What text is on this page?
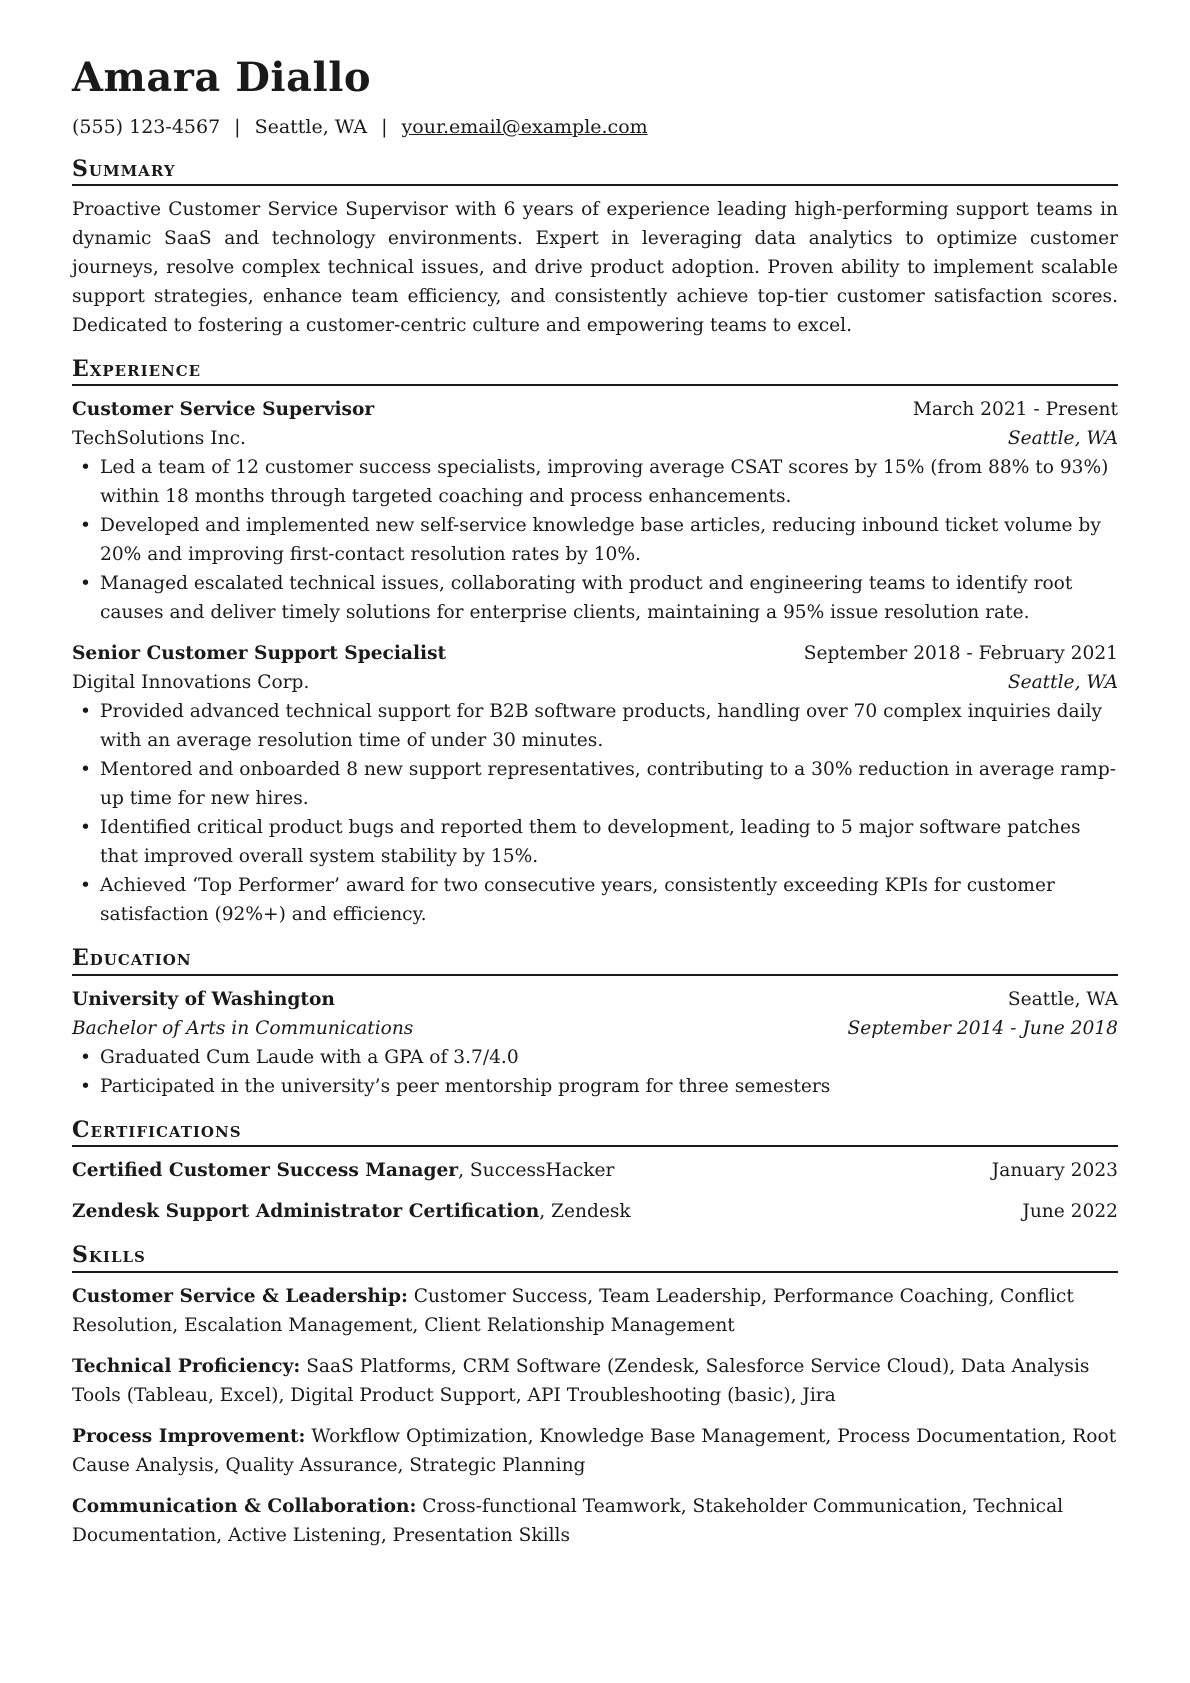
Amara Diallo
(555) 123-4567 | Seattle, WA | your.email@example.com
Summary

Proactive Customer Service Supervisor with 6 years of experience leading high-performing support teams in dynamic SaaS and technology environments. Expert in leveraging data analytics to optimize customer journeys, resolve complex technical issues, and drive product adoption. Proven ability to implement scalable support strategies, enhance team efficiency, and consistently achieve top-tier customer satisfaction scores. Dedicated to fostering a customer-centric culture and empowering teams to excel.

Experience
Customer Service Supervisor	March 2021 - Present
TechSolutions Inc.	Seattle, WA
• Led a team of 12 customer success specialists, improving average CSAT scores by 15% (from 88% to 93%) within 18 months through targeted coaching and process enhancements.
• Developed and implemented new self-service knowledge base articles, reducing inbound ticket volume by 20% and improving first-contact resolution rates by 10%.
• Managed escalated technical issues, collaborating with product and engineering teams to identify root causes and deliver timely solutions for enterprise clients, maintaining a 95% issue resolution rate.
Senior Customer Support Specialist	September 2018 - February 2021
Digital Innovations Corp.	Seattle, WA
• Provided advanced technical support for B2B software products, handling over 70 complex inquiries daily with an average resolution time of under 30 minutes.
• Mentored and onboarded 8 new support representatives, contributing to a 30% reduction in average ramp-up time for new hires.
• Identified critical product bugs and reported them to development, leading to 5 major software patches that improved overall system stability by 15%.
• Achieved ‘Top Performer’ award for two consecutive years, consistently exceeding KPIs for customer satisfaction (92%+) and efficiency.
Education
University of Washington	Seattle, WA
Bachelor of Arts in Communications	September 2014 - June 2018
• Graduated Cum Laude with a GPA of 3.7/4.0
• Participated in the university’s peer mentorship program for three semesters
Certifications
Certified Customer Success Manager, SuccessHacker	January 2023
Zendesk Support Administrator Certification, Zendesk	June 2022
Skills
Customer Service & Leadership: Customer Success, Team Leadership, Performance Coaching, Conflict Resolution, Escalation Management, Client Relationship Management
Technical Proficiency: SaaS Platforms, CRM Software (Zendesk, Salesforce Service Cloud), Data Analysis Tools (Tableau, Excel), Digital Product Support, API Troubleshooting (basic), Jira
Process Improvement: Workflow Optimization, Knowledge Base Management, Process Documentation, Root Cause Analysis, Quality Assurance, Strategic Planning
Communication & Collaboration: Cross-functional Teamwork, Stakeholder Communication, Technical Documentation, Active Listening, Presentation Skills
